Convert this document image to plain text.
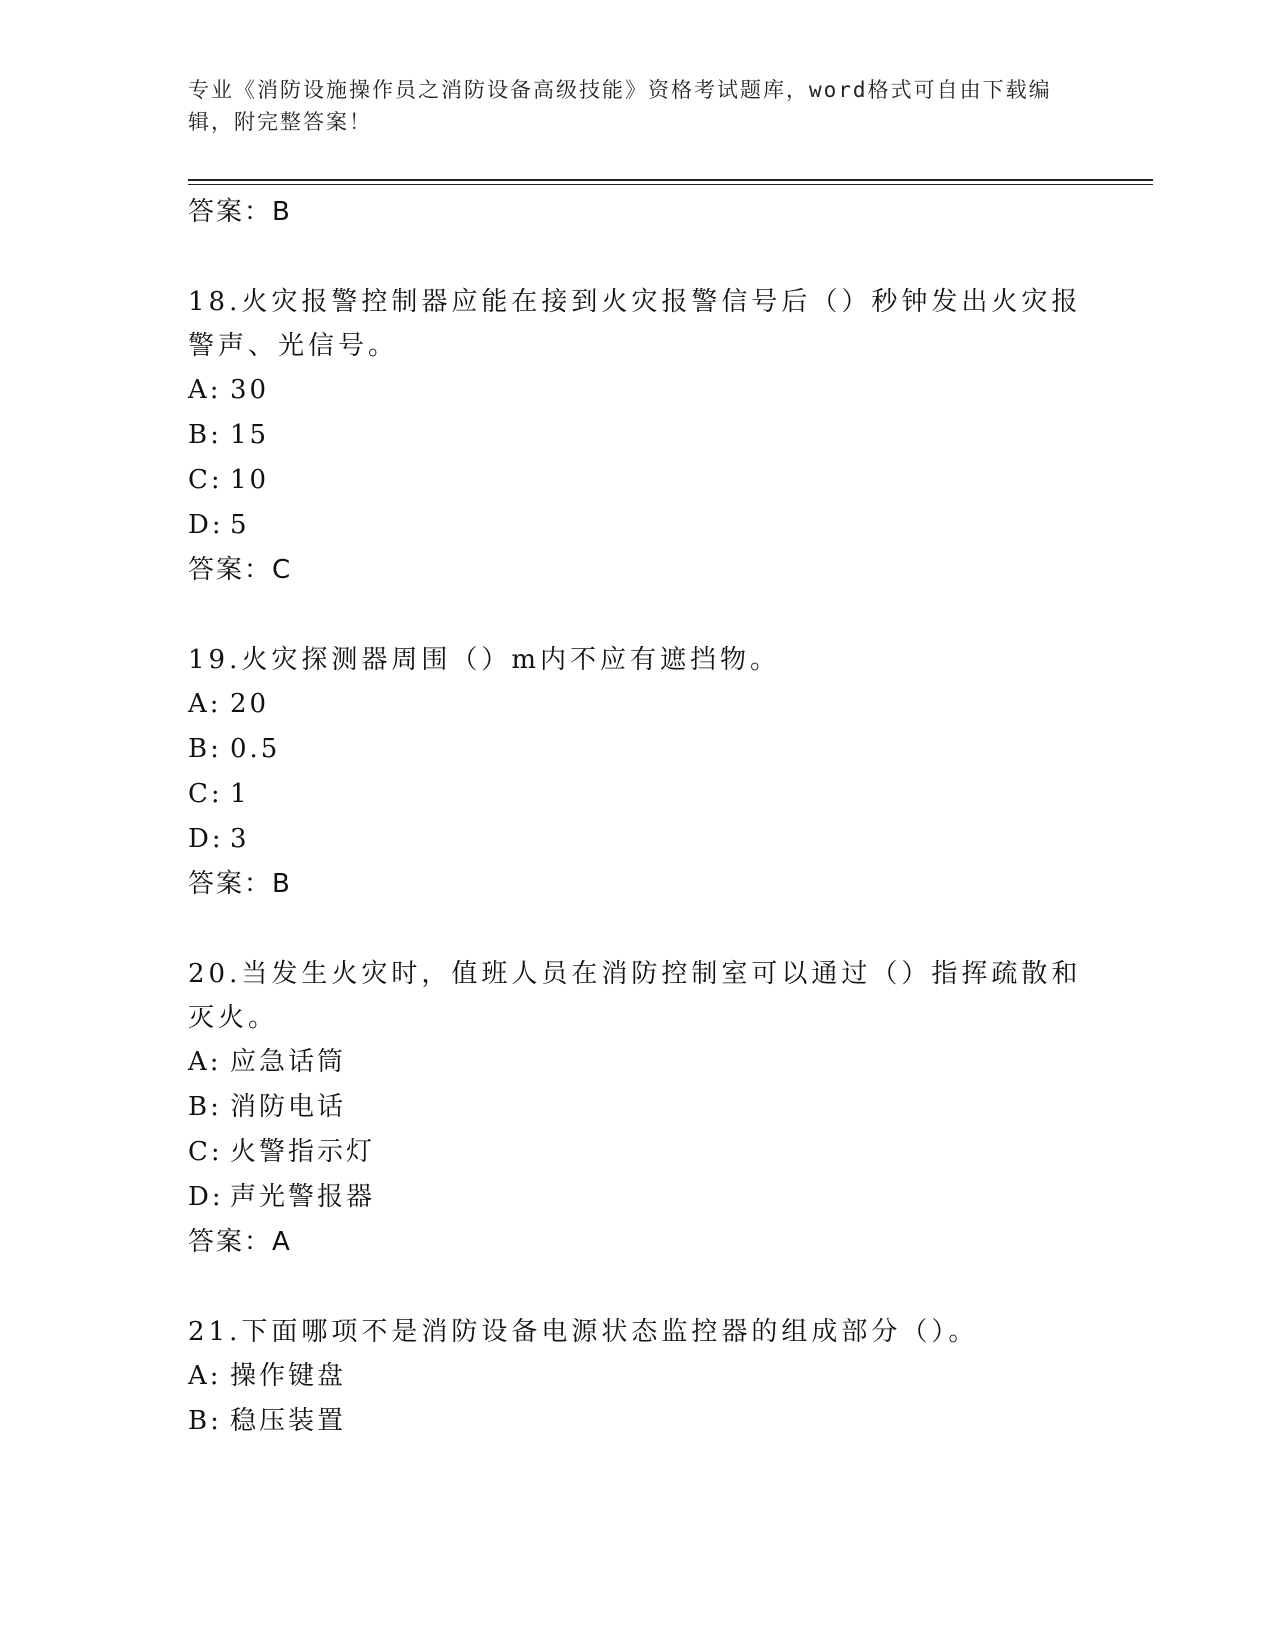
专业《消防设施操作员之消防设备高级技能》资格考试题库，word格式可自由下载编辑，附完整答案！
答案：B
18.火灾报警控制器应能在接到火灾报警信号后（）秒钟发出火灾报警声、光信号。
A: 30
B: 15
C: 10
D: 5
答案：C
19.火灾探测器周围（）m内不应有遮挡物。
A: 20
B: 0.5
C: 1
D: 3
答案：B
20.当发生火灾时，值班人员在消防控制室可以通过（）指挥疏散和灭火。
A: 应急话筒
B: 消防电话
C: 火警指示灯
D: 声光警报器
答案：A
21.下面哪项不是消防设备电源状态监控器的组成部分（）。
A: 操作键盘
B: 稳压装置
